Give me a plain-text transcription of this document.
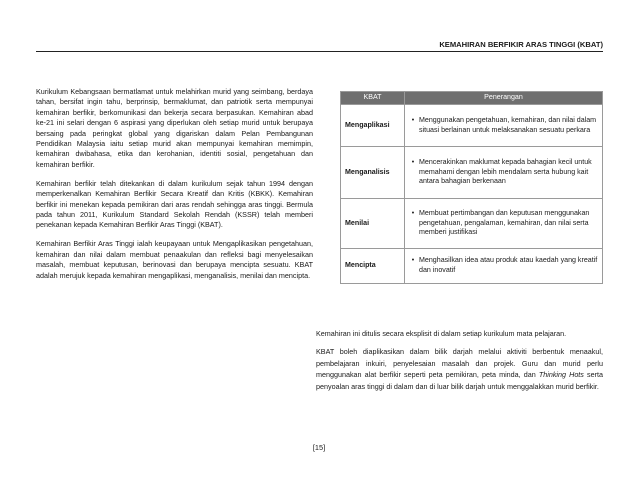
KEMAHIRAN BERFIKIR ARAS TINGGI (KBAT)

Kurikulum Kebangsaan bermatlamat untuk melahirkan murid yang seimbang, berdaya tahan, bersifat ingin tahu, berprinsip, bermaklumat, dan patriotik serta mempunyai kemahiran berfikir, berkomunikasi dan bekerja secara berpasukan. Kemahiran abad ke-21 ini selari dengan 6 aspirasi yang diperlukan oleh setiap murid untuk berupaya bersaing pada peringkat global yang digariskan dalam Pelan Pembangunan Pendidikan Malaysia iaitu setiap murid akan mempunyai kemahiran memimpin, kemahiran dwibahasa, etika dan kerohanian, identiti sosial, pengetahuan dan kemahiran berfikir.

Kemahiran berfikir telah ditekankan di dalam kurikulum sejak tahun 1994 dengan memperkenalkan Kemahiran Berfikir Secara Kreatif dan Kritis (KBKK). Kemahiran berfikir ini menekan kepada pemikiran dari aras rendah sehingga aras tinggi. Bermula pada tahun 2011, Kurikulum Standard Sekolah Rendah (KSSR) telah memberi penekanan kepada Kemahiran Berfikir Aras Tinggi (KBAT).

Kemahiran Berfikir Aras Tinggi ialah keupayaan untuk Mengaplikasikan pengetahuan, kemahiran dan nilai dalam membuat penaakulan dan refleksi bagi menyelesaikan masalah, membuat keputusan, berinovasi dan berupaya mencipta sesuatu. KBAT adalah merujuk kepada kemahiran mengaplikasi, menganalisis, menilai dan mencipta.

KBAT	Penerangan
Mengaplikasi	• Menggunakan pengetahuan, kemahiran, dan nilai dalam situasi berlainan untuk melaksanakan sesuatu perkara

Menganalisis	• Mencerakinkan maklumat kepada bahagian kecil untuk memahami dengan lebih mendalam serta hubung kait antara bahagian berkenaan

Menilai	• Membuat pertimbangan dan keputusan menggunakan pengetahuan, pengalaman, kemahiran, dan nilai serta memberi justifikasi

Mencipta	• Menghasilkan idea atau produk atau kaedah yang kreatif dan inovatif

Kemahiran ini ditulis secara eksplisit di dalam setiap kurikulum mata pelajaran.

KBAT boleh diaplikasikan dalam bilik darjah melalui aktiviti berbentuk menaakul, pembelajaran inkuiri, penyelesaian masalah dan projek. Guru dan murid perlu menggunakan alat berfikir seperti peta pemikiran, peta minda, dan Thinking Hots serta penyoalan aras tinggi di dalam dan di luar bilik darjah untuk menggalakkan murid berfikir.

[15]
